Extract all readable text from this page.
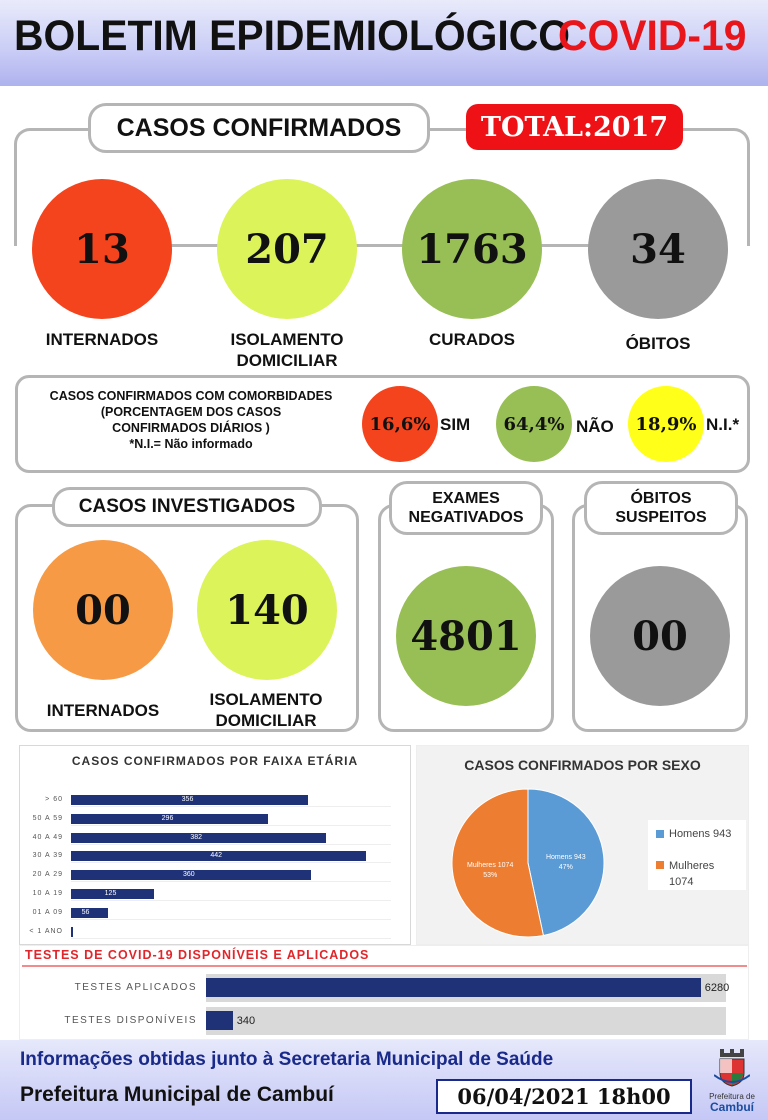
BOLETIM EPIDEMIOLÓGICO
COVID-19
CASOS CONFIRMADOS	TOTAL:2017
13	207 1763	34
INTERNADOS	ISOLAMENTO
DOMICILIAR
CURADOS	ÓBITOS
CASOS CONFIRMADOS COM COMORBIDADES
(PORCENTAGEM DOS CASOS
CONFIRMADOS DIÁRIOS )
*N.I.= Não informado
16,6% SIM	64,4% NÃO	18,9% N.I.*
CASOS INVESTIGADOS
00 140
INTERNADOS
ISOLAMENTO
DOMICILIAR
EXAMES
NEGATIVADOS
4801
ÓBITOS
SUSPEITOS
00
CASOS CONFIRMADOS POR FAIXA ETÁRIA
> 60	356
50 A 59	296
40 A 49	382
30 A 39	442
20 A 29	360
10 A 19	125
01 A 09	56
< 1 ANO
CASOS CONFIRMADOS POR SEXO
Homens 943
47%
Mulheres 1074
53%
Homens 943
Mulheres 1074
TESTES DE COVID-19 DISPONÍVEIS E APLICADOS
TESTES APLICADOS	6280
TESTES DISPONÍVEIS	340
Informações obtidas junto à Secretaria Municipal de Saúde
Prefeitura Municipal de Cambuí	06/04/2021 18h00	Prefeitura de
Cambuí
